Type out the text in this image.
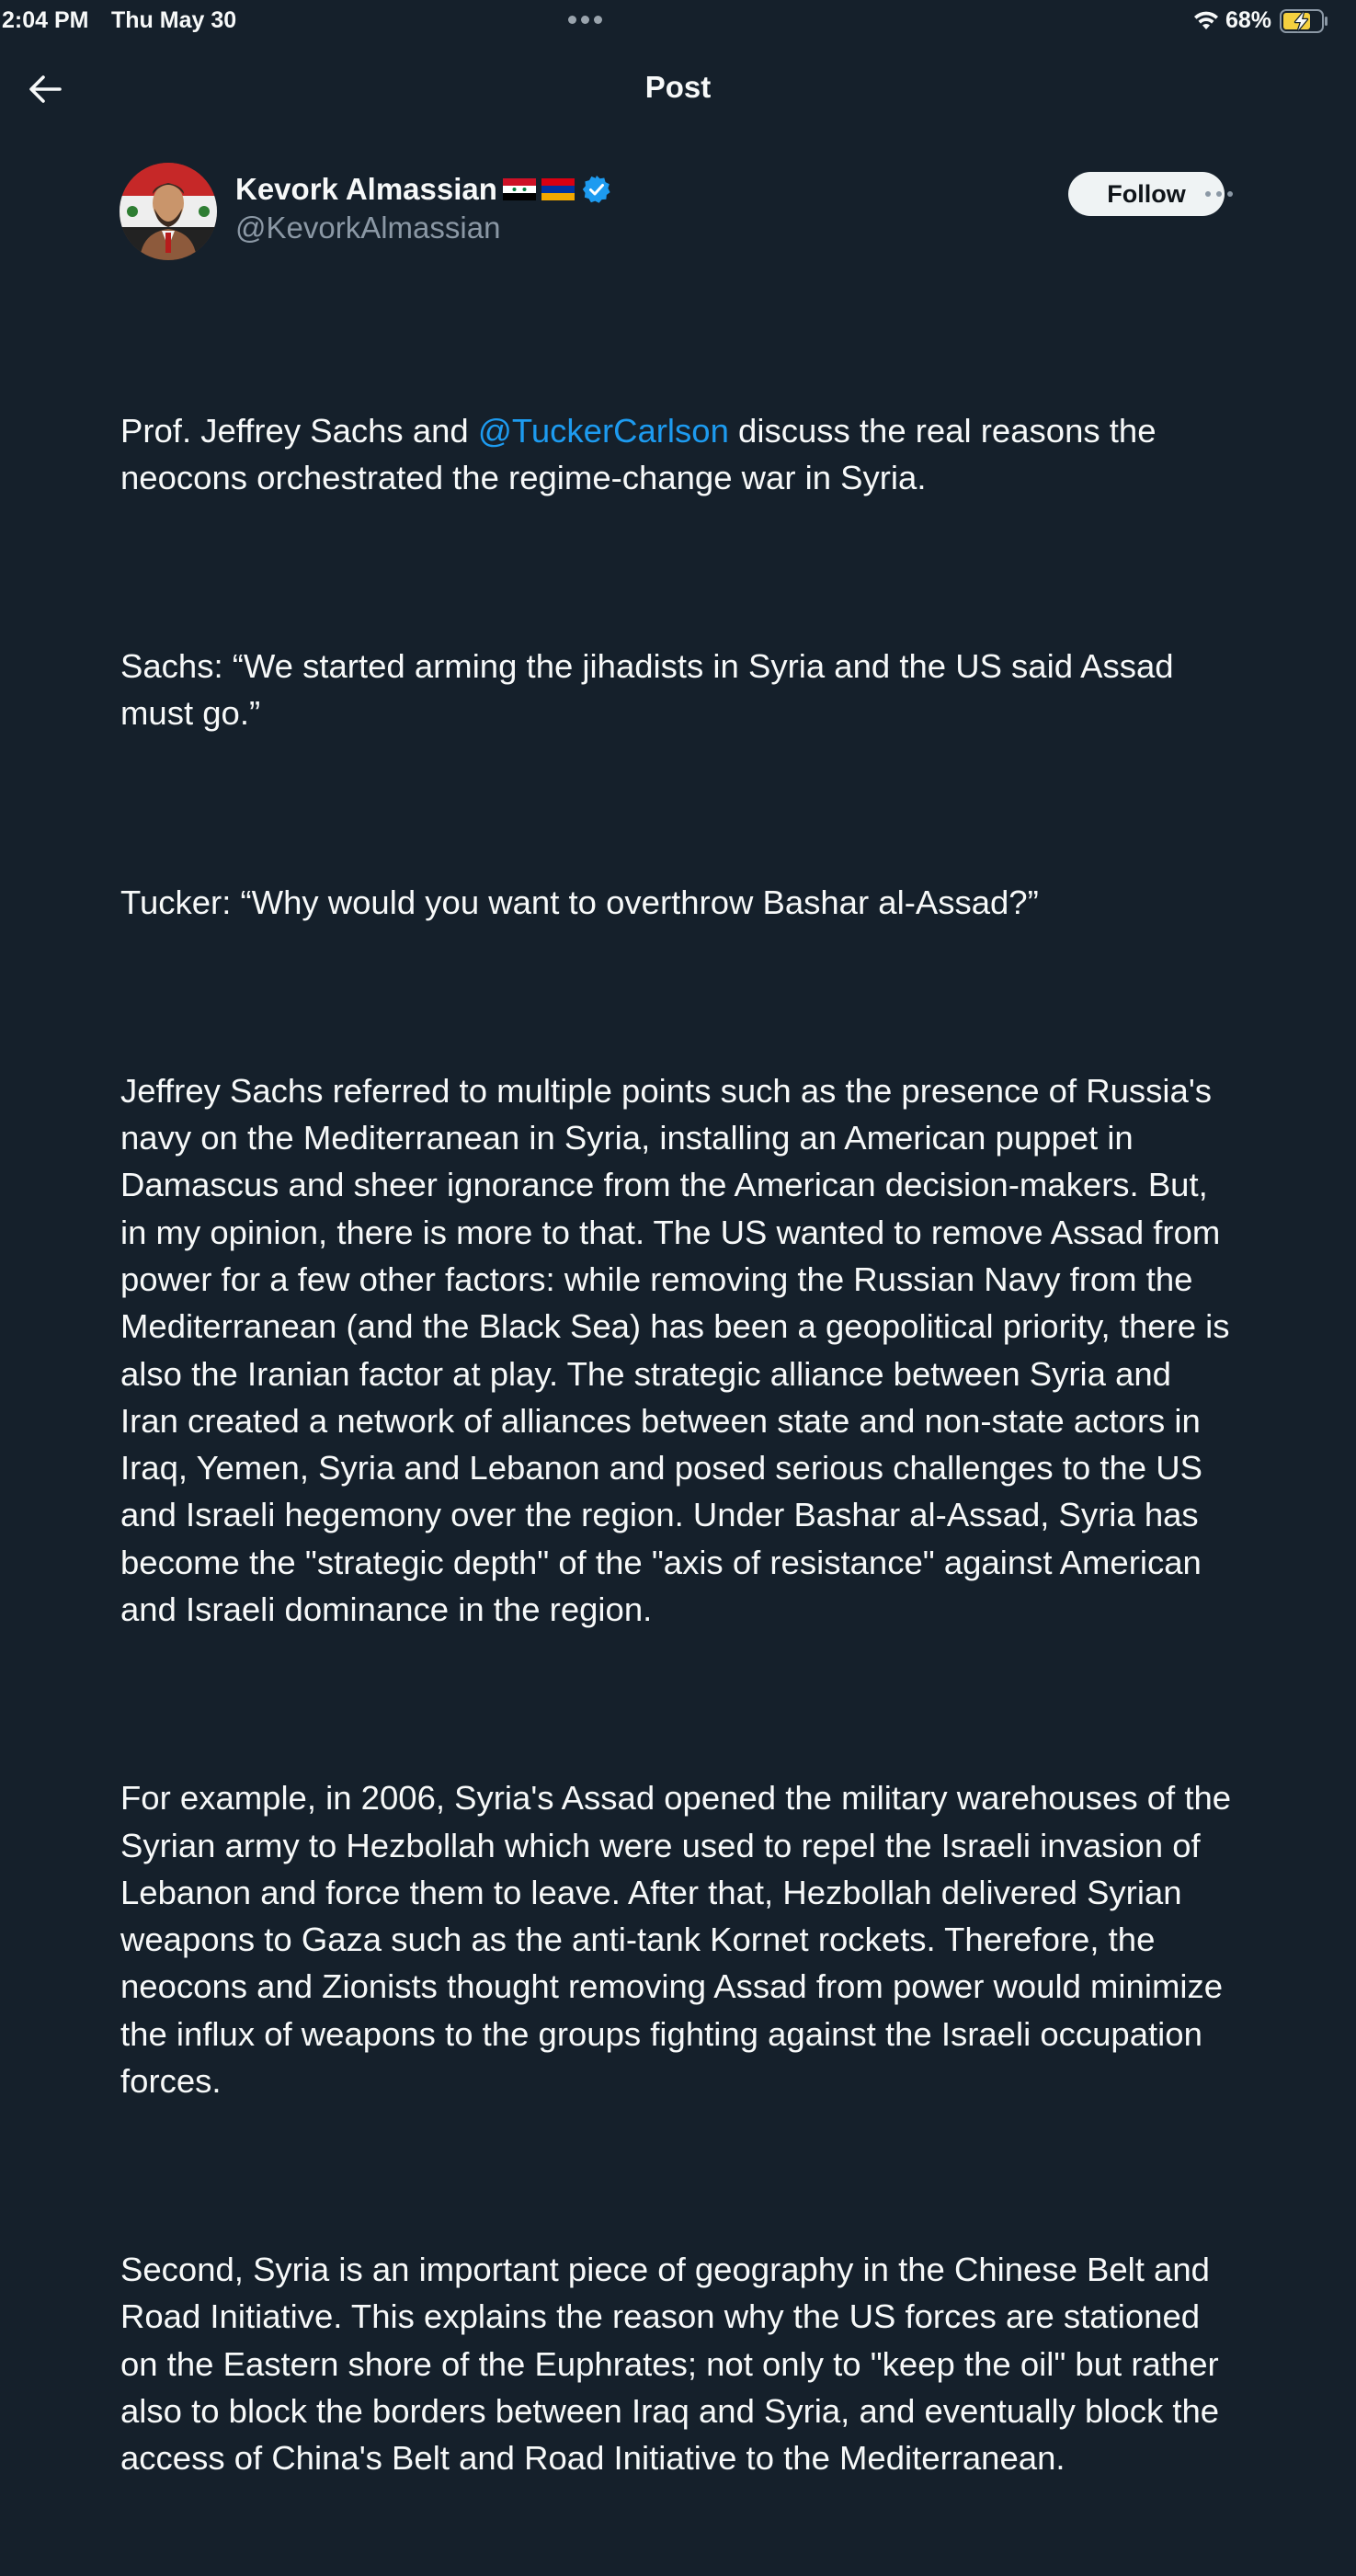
2:04 PM Thu May 30	68%
Post
Kevork Almassian
@KevorkAlmassian
Follow

Prof. Jeffrey Sachs and @TuckerCarlson discuss the real reasons the neocons orchestrated the regime-change war in Syria.

Sachs: “We started arming the jihadists in Syria and the US said Assad must go.”

Tucker: “Why would you want to overthrow Bashar al-Assad?”

Jeffrey Sachs referred to multiple points such as the presence of Russia's navy on the Mediterranean in Syria, installing an American puppet in Damascus and sheer ignorance from the American decision-makers. But, in my opinion, there is more to that. The US wanted to remove Assad from power for a few other factors: while removing the Russian Navy from the Mediterranean (and the Black Sea) has been a geopolitical priority, there is also the Iranian factor at play. The strategic alliance between Syria and Iran created a network of alliances between state and non-state actors in Iraq, Yemen, Syria and Lebanon and posed serious challenges to the US and Israeli hegemony over the region. Under Bashar al-Assad, Syria has become the "strategic depth" of the "axis of resistance" against American and Israeli dominance in the region.

For example, in 2006, Syria's Assad opened the military warehouses of the Syrian army to Hezbollah which were used to repel the Israeli invasion of Lebanon and force them to leave. After that, Hezbollah delivered Syrian weapons to Gaza such as the anti-tank Kornet rockets. Therefore, the neocons and Zionists thought removing Assad from power would minimize the influx of weapons to the groups fighting against the Israeli occupation forces.

Second, Syria is an important piece of geography in the Chinese Belt and Road Initiative. This explains the reason why the US forces are stationed on the Eastern shore of the Euphrates; not only to "keep the oil" but rather also to block the borders between Iraq and Syria, and eventually block the access of China's Belt and Road Initiative to the Mediterranean.
